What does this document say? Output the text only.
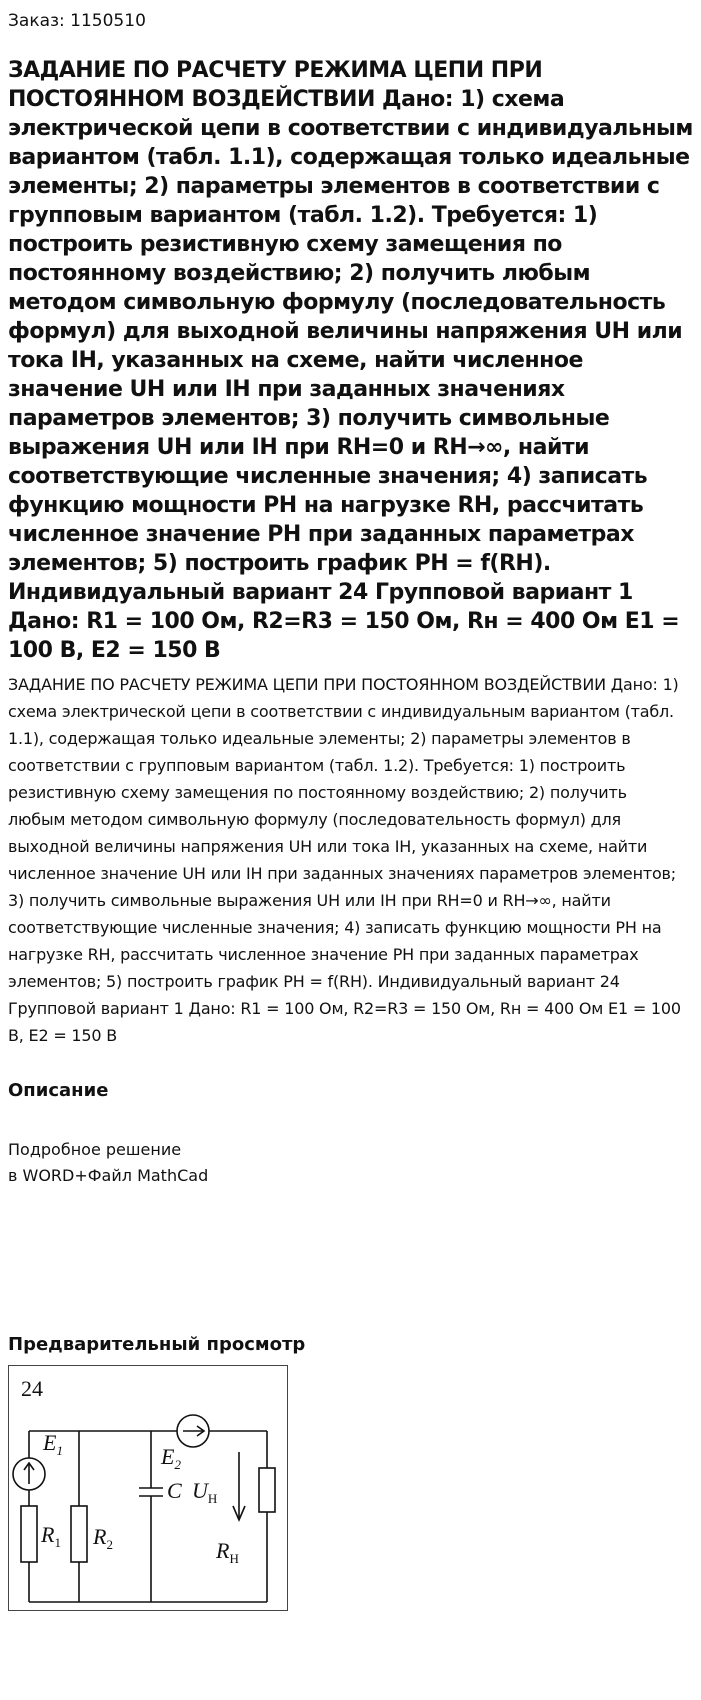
Заказ: 1150510
ЗАДАНИЕ ПО РАСЧЕТУ РЕЖИМА ЦЕПИ ПРИ ПОСТОЯННОМ ВОЗДЕЙСТВИИ Дано: 1) схема электрической цепи в соответствии с индивидуальным вариантом (табл. 1.1), содержащая только идеальные элементы; 2) параметры элементов в соответствии с групповым вариантом (табл. 1.2). Требуется: 1) построить резистивную схему замещения по постоянному воздействию; 2) получить любым методом символьную формулу (последовательность формул) для выходной величины напряжения UН или тока IН, указанных на схеме, найти численное значение UН или IН при заданных значениях параметров элементов; 3) получить символьные выражения UН или IН при RН=0 и RН→∞, найти соответствующие численные значения; 4) записать функцию мощности PН на нагрузке RН, рассчитать численное значение PН при заданных параметрах элементов; 5) построить график PН = f(RН). Индивидуальный вариант 24 Групповой вариант 1 Дано: R1 = 100 Ом, R2=R3 = 150 Ом, Rн = 400 Ом E1 = 100 В, E2 = 150 В
ЗАДАНИЕ ПО РАСЧЕТУ РЕЖИМА ЦЕПИ ПРИ ПОСТОЯННОМ ВОЗДЕЙСТВИИ Дано: 1) схема электрической цепи в соответствии с индивидуальным вариантом (табл. 1.1), содержащая только идеальные элементы; 2) параметры элементов в соответствии с групповым вариантом (табл. 1.2). Требуется: 1) построить резистивную схему замещения по постоянному воздействию; 2) получить любым методом символьную формулу (последовательность формул) для выходной величины напряжения UН или тока IН, указанных на схеме, найти численное значение UН или IН при заданных значениях параметров элементов; 3) получить символьные выражения UН или IН при RН=0 и RН→∞, найти соответствующие численные значения; 4) записать функцию мощности PН на нагрузке RН, рассчитать численное значение PН при заданных параметрах элементов; 5) построить график PН = f(RН). Индивидуальный вариант 24 Групповой вариант 1 Дано: R1 = 100 Ом, R2=R3 = 150 Ом, Rн = 400 Ом E1 = 100 В, E2 = 150 В
Описание
Подробное решение
в WORD+Файл MathCad
Предварительный просмотр
24
$E_1$	$E_2$
C $U_Н$
$R_1$ $R_2$	$R_Н$
